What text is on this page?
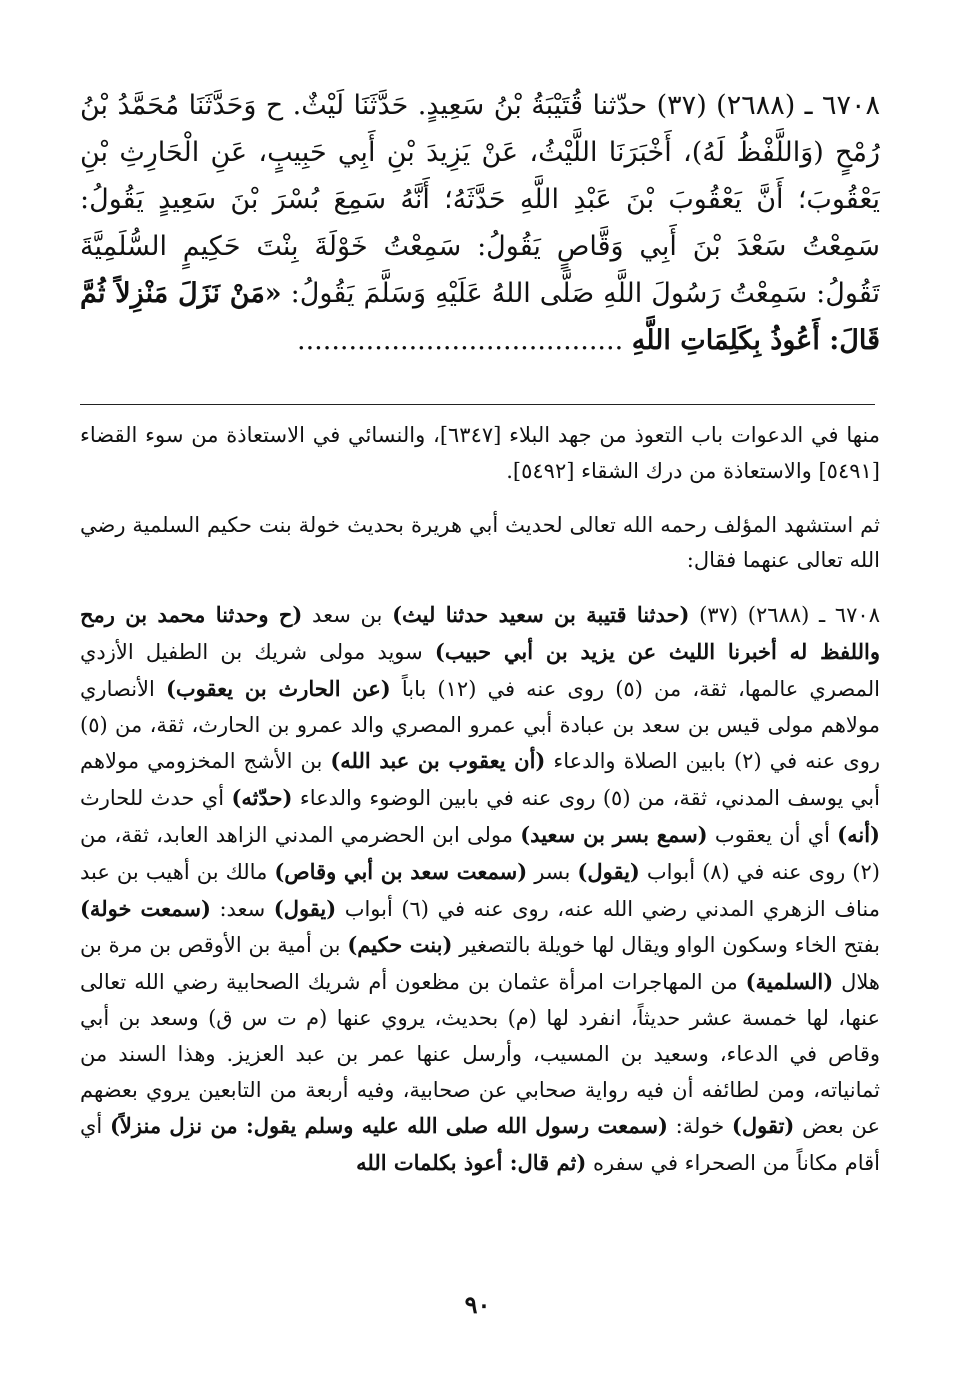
٦٧٠٨ ـ (٢٦٨٨) (٣٧) حدّثنا قُتَيْبَةُ بْنُ سَعِيدٍ. حَدَّثَنَا لَيْثٌ. ح وَحَدَّثَنَا مُحَمَّدُ بْنُ رُمْحٍ (وَاللَّفْظُ لَهُ)، أَخْبَرَنَا اللَّيْثُ، عَنْ يَزِيدَ بْنِ أَبِي حَبِيبٍ، عَنِ الْحَارِثِ بْنِ يَعْقُوبَ؛ أَنَّ يَعْقُوبَ بْنَ عَبْدِ اللَّهِ حَدَّثَهُ؛ أَنَّهُ سَمِعَ بُسْرَ بْنَ سَعِيدٍ يَقُولُ: سَمِعْتُ سَعْدَ بْنَ أَبِي وَقَّاصٍ يَقُولُ: سَمِعْتُ خَوْلَةَ بِنْتَ حَكِيمٍ السُّلَمِيَّةَ تَقُولُ: سَمِعْتُ رَسُولَ اللَّهِ صَلَّى اللهُ عَلَيْهِ وَسَلَّمَ يَقُولُ: «مَنْ نَزَلَ مَنْزِلاً ثُمَّ قَالَ: أَعُوذُ بِكَلِمَاتِ اللَّهِ ......................................

منها في الدعوات باب التعوذ من جهد البلاء [٦٣٤٧]، والنسائي في الاستعاذة من سوء القضاء [٥٤٩١] والاستعاذة من درك الشقاء [٥٤٩٢].

ثم استشهد المؤلف رحمه الله تعالى لحديث أبي هريرة بحديث خولة بنت حكيم السلمية رضي الله تعالى عنهما فقال:

٦٧٠٨ ـ (٢٦٨٨) (٣٧) (حدثنا قتيبة بن سعيد حدثنا ليث) بن سعد (ح وحدثنا محمد بن رمح واللفظ له أخبرنا الليث عن يزيد بن أبي حبيب) سويد مولى شريك بن الطفيل الأزدي المصري عالمها، ثقة، من (٥) روى عنه في (١٢) باباً (عن الحارث بن يعقوب) الأنصاري مولاهم مولى قيس بن سعد بن عبادة أبي عمرو المصري والد عمرو بن الحارث، ثقة، من (٥) روى عنه في (٢) بابين الصلاة والدعاء (أن يعقوب بن عبد الله) بن الأشج المخزومي مولاهم أبي يوسف المدني، ثقة، من (٥) روى عنه في بابين الوضوء والدعاء (حدّثه) أي حدث للحارث (أنه) أي أن يعقوب (سمع بسر بن سعيد) مولى ابن الحضرمي المدني الزاهد العابد، ثقة، من (٢) روى عنه في (٨) أبواب (يقول) بسر (سمعت سعد بن أبي وقاص) مالك بن أهيب بن عبد مناف الزهري المدني رضي الله عنه، روى عنه في (٦) أبواب (يقول) سعد: (سمعت خولة) بفتح الخاء وسكون الواو ويقال لها خويلة بالتصغير (بنت حكيم) بن أمية بن الأوقص بن مرة بن هلال (السلمية) من المهاجرات امرأة عثمان بن مظعون أم شريك الصحابية رضي الله تعالى عنها، لها خمسة عشر حديثاً، انفرد لها (م) بحديث، يروي عنها (م ت س ق) وسعد بن أبي وقاص في الدعاء، وسعيد بن المسيب، وأرسل عنها عمر بن عبد العزيز. وهذا السند من ثمانياته، ومن لطائفه أن فيه رواية صحابي عن صحابية، وفيه أربعة من التابعين يروي بعضهم عن بعض (تقول) خولة: (سمعت رسول الله صلى الله عليه وسلم يقول: من نزل منزلاً) أي أقام مكاناً من الصحراء في سفره (ثم قال: أعوذ بكلمات الله

٩٠
